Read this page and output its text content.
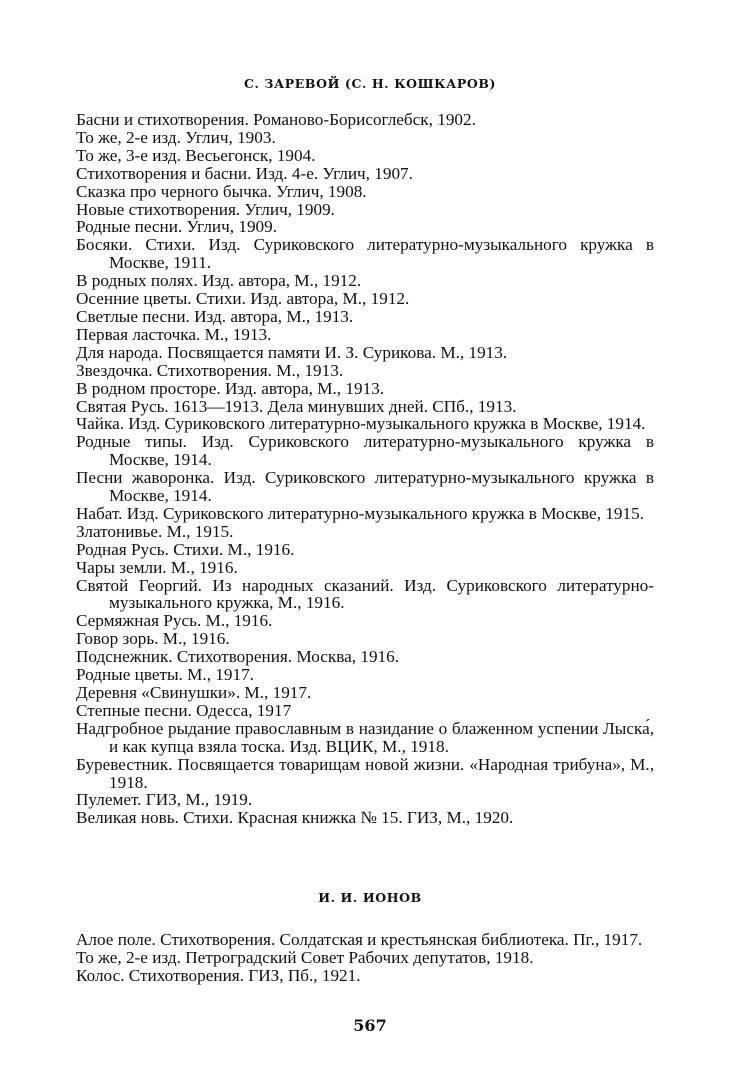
С. ЗАРЕВОЙ (С. Н. КОШКАРОВ)
Басни и стихотворения. Романово-Борисоглебск, 1902.
То же, 2-е изд. Углич, 1903.
То же, 3-е изд. Весьегонск, 1904.
Стихотворения и басни. Изд. 4-е. Углич, 1907.
Сказка про черного бычка. Углич, 1908.
Новые стихотворения. Углич, 1909.
Родные песни. Углич, 1909.
Босяки. Стихи. Изд. Суриковского литературно-музыкального кружка в Москве, 1911.
В родных полях. Изд. автора, М., 1912.
Осенние цветы. Стихи. Изд. автора, М., 1912.
Светлые песни. Изд. автора, М., 1913.
Первая ласточка. М., 1913.
Для народа. Посвящается памяти И. З. Сурикова. М., 1913.
Звездочка. Стихотворения. М., 1913.
В родном просторе. Изд. автора, М., 1913.
Святая Русь. 1613—1913. Дела минувших дней. СПб., 1913.
Чайка. Изд. Суриковского литературно-музыкального кружка в Москве, 1914.
Родные типы. Изд. Суриковского литературно-музыкального кружка в Москве, 1914.
Песни жаворонка. Изд. Суриковского литературно-музыкального кружка в Москве, 1914.
Набат. Изд. Суриковского литературно-музыкального кружка в Москве, 1915.
Златонивье. М., 1915.
Родная Русь. Стихи. М., 1916.
Чары земли. М., 1916.
Святой Георгий. Из народных сказаний. Изд. Суриковского литературно-музыкального кружка, М., 1916.
Сермяжная Русь. М., 1916.
Говор зорь. М., 1916.
Подснежник. Стихотворения. Москва, 1916.
Родные цветы. М., 1917.
Деревня «Свинушки». М., 1917.
Степные песни. Одесса, 1917
Надгробное рыдание православным в назидание о блаженном успении Лыска́, и как купца взяла тоска. Изд. ВЦИК, М., 1918.
Буревестник. Посвящается товарищам новой жизни. «Народная трибуна», М., 1918.
Пулемет. ГИЗ, М., 1919.
Великая новь. Стихи. Красная книжка № 15. ГИЗ, М., 1920.
И. И. ИОНОВ
Алое поле. Стихотворения. Солдатская и крестьянская библиотека. Пг., 1917.
То же, 2-е изд. Петроградский Совет Рабочих депутатов, 1918.
Колос. Стихотворения. ГИЗ, Пб., 1921.
567
